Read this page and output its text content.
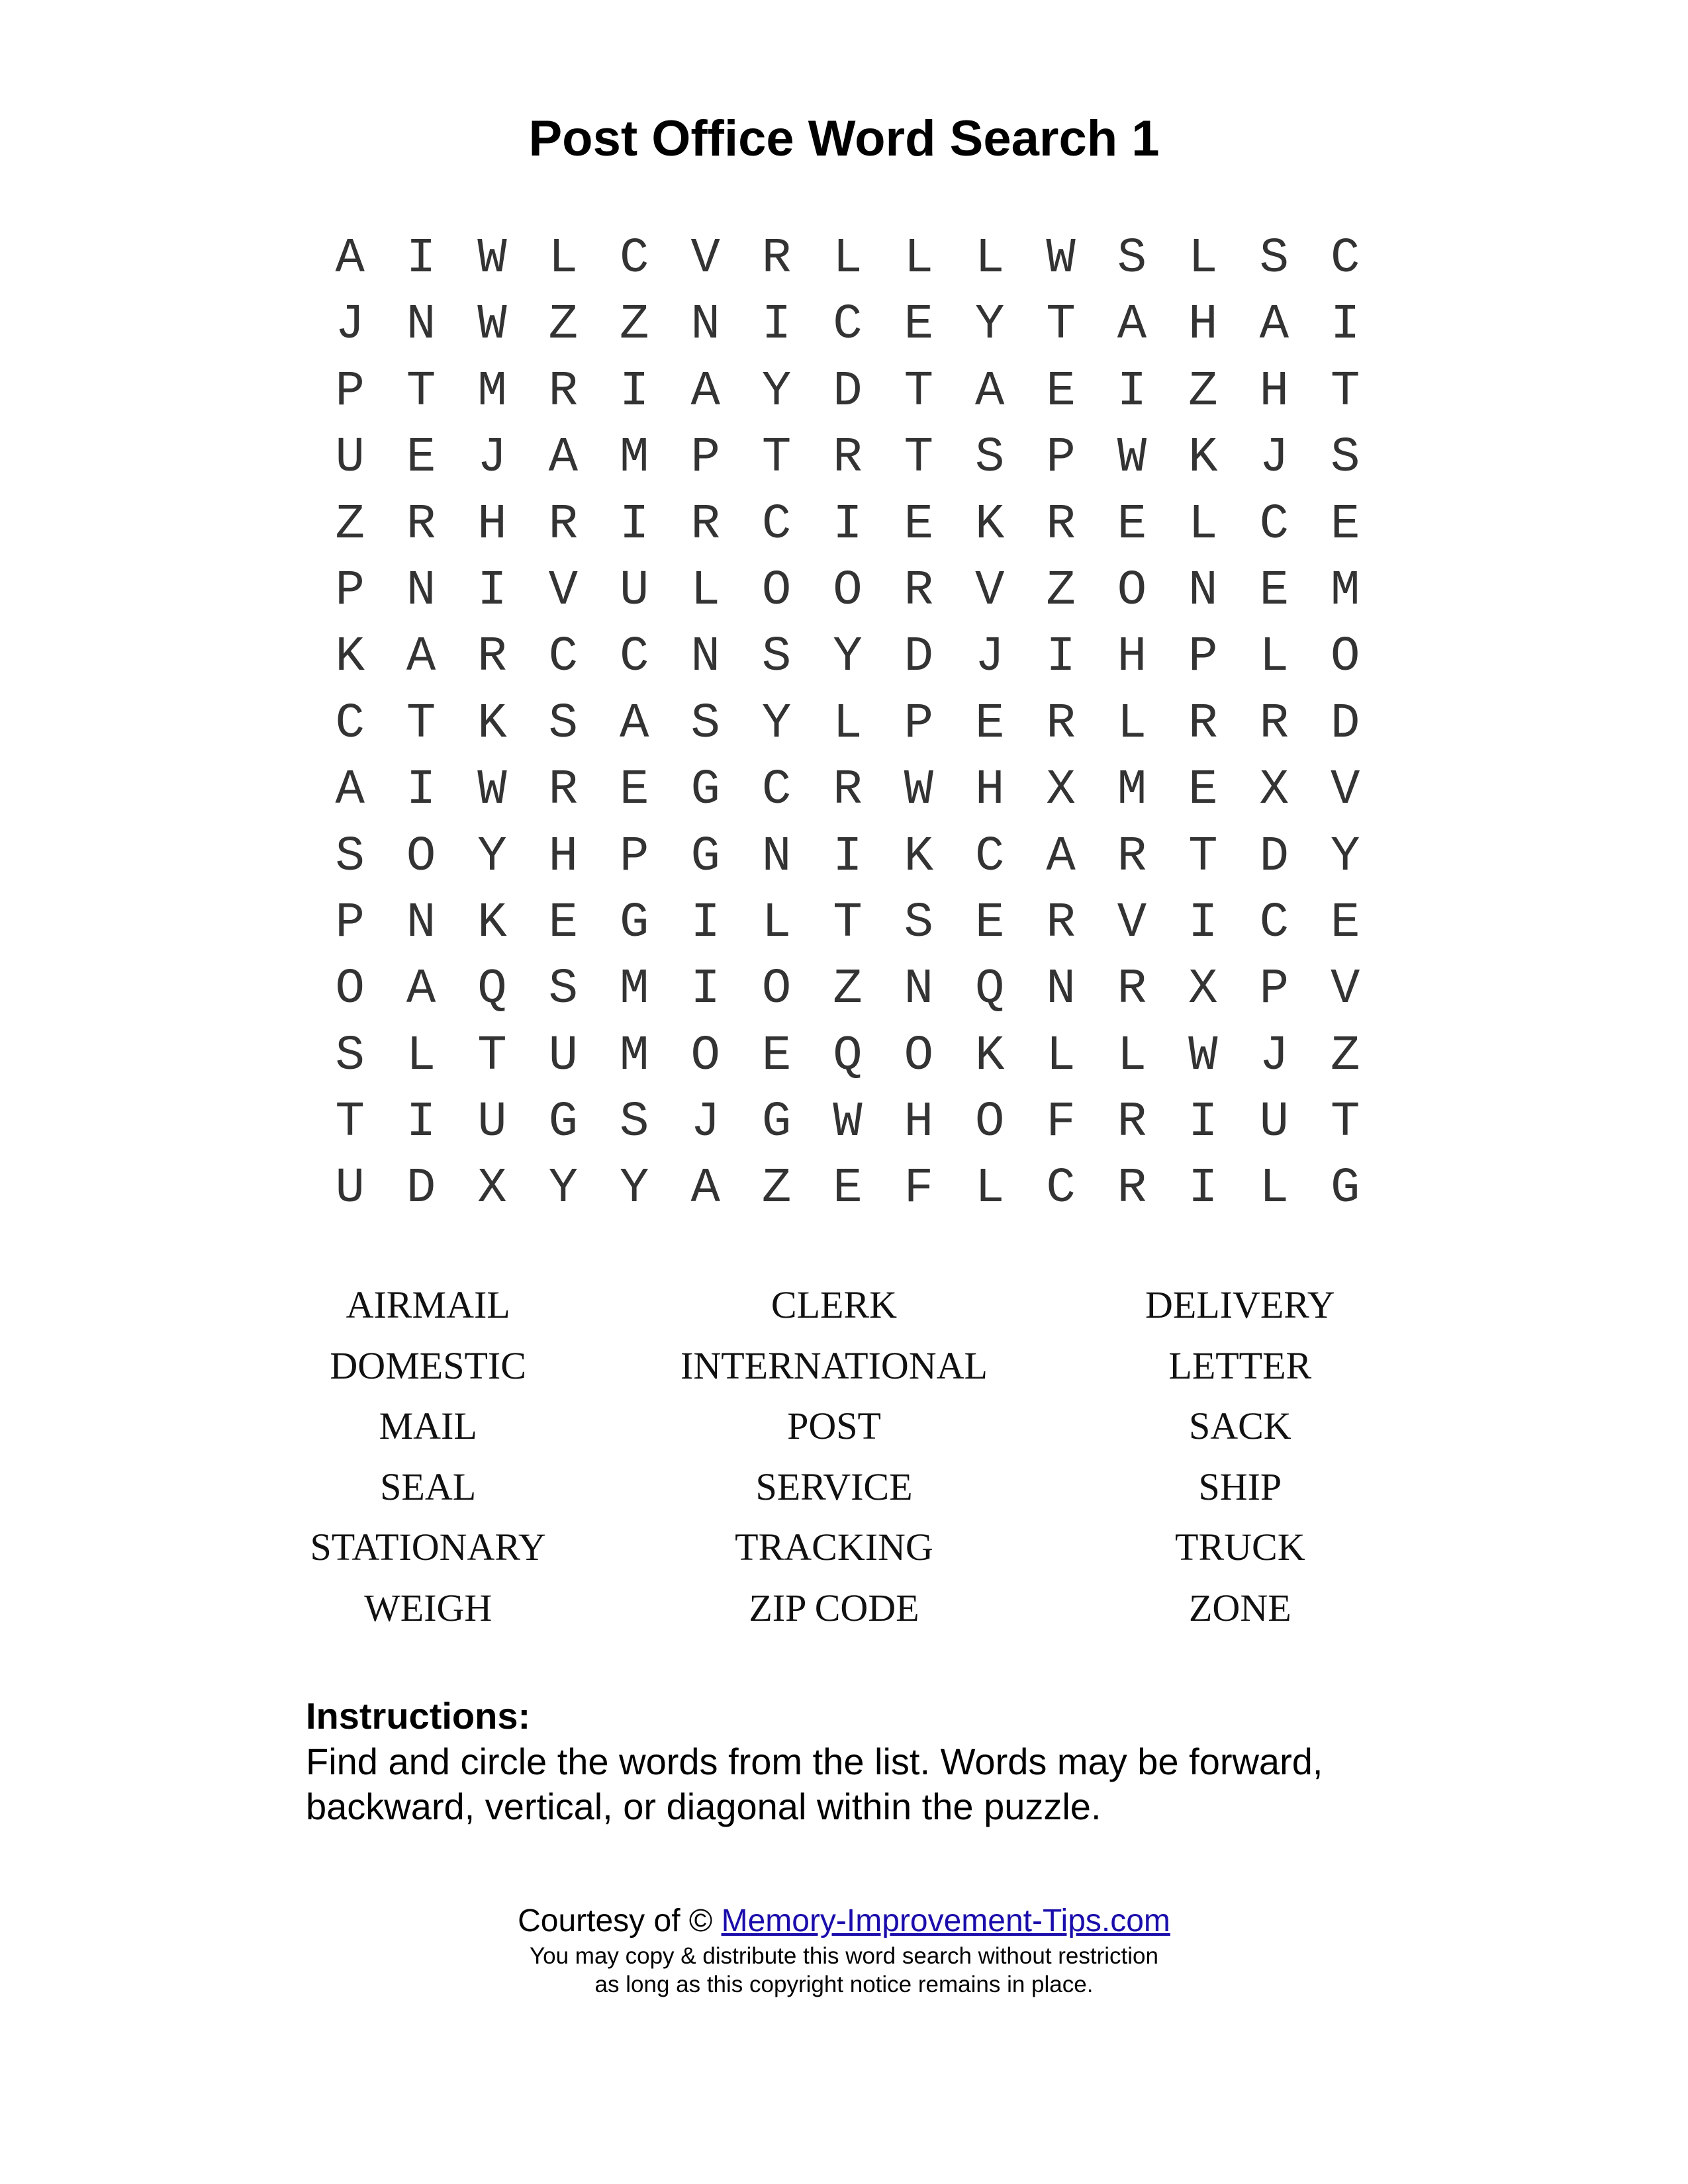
Post Office Word Search 1
A I W L C V R L L L W S L S C
J N W Z Z N I C E Y T A H A I
P T M R I A Y D T A E I Z H T
U E J A M P T R T S P W K J S
Z R H R I R C I E K R E L C E
P N I V U L O O R V Z O N E M
K A R C C N S Y D J I H P L O
C T K S A S Y L P E R L R R D
A I W R E G C R W H X M E X V
S O Y H P G N I K C A R T D Y
P N K E G I L T S E R V I C E
O A Q S M I O Z N Q N R X P V
S L T U M O E Q O K L L W J Z
T I U G S J G W H O F R I U T
U D X Y Y A Z E F L C R I L G
AIRMAIL	CLERK	DELIVERY
DOMESTIC	INTERNATIONAL	LETTER
MAIL	POST	SACK
SEAL	SERVICE	SHIP
STATIONARY	TRACKING	TRUCK
WEIGH	ZIP CODE	ZONE
Instructions:
Find and circle the words from the list. Words may be forward, backward, vertical, or diagonal within the puzzle.
Courtesy of © Memory-Improvement-Tips.com
You may copy & distribute this word search without restriction
as long as this copyright notice remains in place.
